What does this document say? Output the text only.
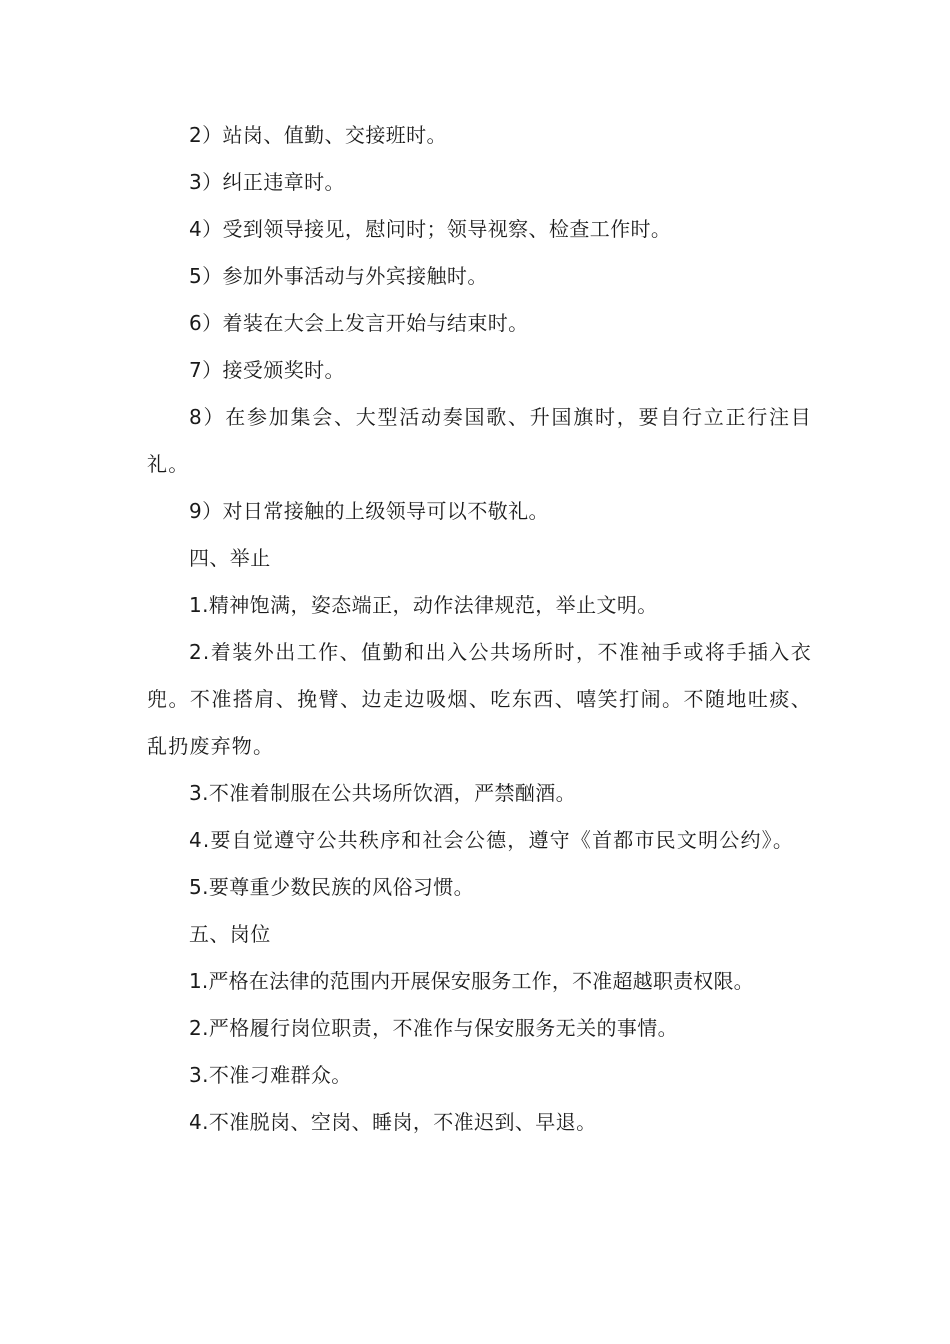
2）站岗、值勤、交接班时。

3）纠正违章时。

4）受到领导接见，慰问时；领导视察、检查工作时。

5）参加外事活动与外宾接触时。

6）着装在大会上发言开始与结束时。

7）接受颁奖时。

8）在参加集会、大型活动奏国歌、升国旗时，要自行立正行注目礼。

9）对日常接触的上级领导可以不敬礼。

四、举止

1.精神饱满，姿态端正，动作法律规范，举止文明。

2.着装外出工作、值勤和出入公共场所时，不准袖手或将手插入衣兜。不准搭肩、挽臂、边走边吸烟、吃东西、嘻笑打闹。不随地吐痰、乱扔废弃物。

3.不准着制服在公共场所饮酒，严禁酗酒。

4.要自觉遵守公共秩序和社会公德，遵守《首都市民文明公约》。

5.要尊重少数民族的风俗习惯。

五、岗位

1.严格在法律的范围内开展保安服务工作，不准超越职责权限。

2.严格履行岗位职责，不准作与保安服务无关的事情。

3.不准刁难群众。

4.不准脱岗、空岗、睡岗，不准迟到、早退。
